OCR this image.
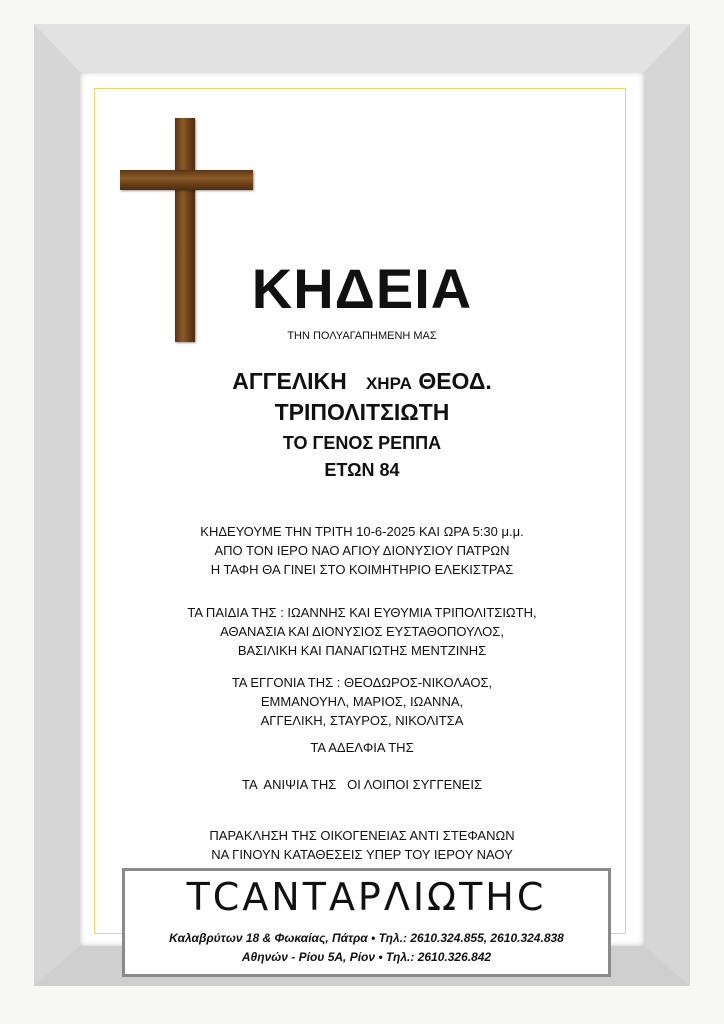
ΚΗΔΕΙΑ
ΤΗΝ ΠΟΛΥΑΓΑΠΗΜΕΝΗ ΜΑΣ
ΑΓΓΕΛΙΚΗ ΧΗΡΑ ΘΕΟΔ.
ΤΡΙΠΟΛΙΤΣΙΩΤΗ
ΤΟ ΓΕΝΟΣ ΡΕΠΠΑ
ΕΤΩΝ 84
ΚΗΔΕΥΟΥΜΕ ΤΗΝ ΤΡΙΤΗ 10-6-2025 ΚΑΙ ΩΡΑ 5:30 μ.μ.
ΑΠΟ ΤΟΝ ΙΕΡΟ ΝΑΟ ΑΓΙΟΥ ΔΙΟΝΥΣΙΟΥ ΠΑΤΡΩΝ
Η ΤΑΦΗ ΘΑ ΓΙΝΕΙ ΣΤΟ ΚΟΙΜΗΤΗΡΙΟ ΕΛΕΚΙΣΤΡΑΣ
ΤΑ ΠΑΙΔΙΑ ΤΗΣ : ΙΩΑΝΝΗΣ ΚΑΙ ΕΥΘΥΜΙΑ ΤΡΙΠΟΛΙΤΣΙΩΤΗ,
ΑΘΑΝΑΣΙΑ ΚΑΙ ΔΙΟΝΥΣΙΟΣ ΕΥΣΤΑΘΟΠΟΥΛΟΣ,
ΒΑΣΙΛΙΚΗ ΚΑΙ ΠΑΝΑΓΙΩΤΗΣ ΜΕΝΤΖΙΝΗΣ
ΤΑ ΕΓΓΟΝΙΑ ΤΗΣ : ΘΕΟΔΩΡΟΣ-ΝΙΚΟΛΑΟΣ,
ΕΜΜΑΝΟΥΗΛ, ΜΑΡΙΟΣ, ΙΩΑΝΝΑ,
ΑΓΓΕΛΙΚΗ, ΣΤΑΥΡΟΣ, ΝΙΚΟΛΙΤΣΑ
ΤΑ ΑΔΕΛΦΙΑ ΤΗΣ
ΤΑ  ΑΝΙΨΙΑ ΤΗΣ   ΟΙ ΛΟΙΠΟΙ ΣΥΓΓΕΝΕΙΣ
ΠΑΡΑΚΛΗΣΗ ΤΗΣ ΟΙΚΟΓΕΝΕΙΑΣ ΑΝΤΙ ΣΤΕΦΑΝΩΝ
ΝΑ ΓΙΝΟΥΝ ΚΑΤΑΘΕΣΕΙΣ ΥΠΕΡ ΤΟΥ ΙΕΡΟΥ ΝΑΟΥ
ΤϹΑΝΤΑΡΛΙΩΤΗϹ
Καλαβρύτων 18 & Φωκαίας, Πάτρα • Τηλ.: 2610.324.855, 2610.324.838
Αθηνών - Ρίου 5Α, Ρίον • Τηλ.: 2610.326.842
